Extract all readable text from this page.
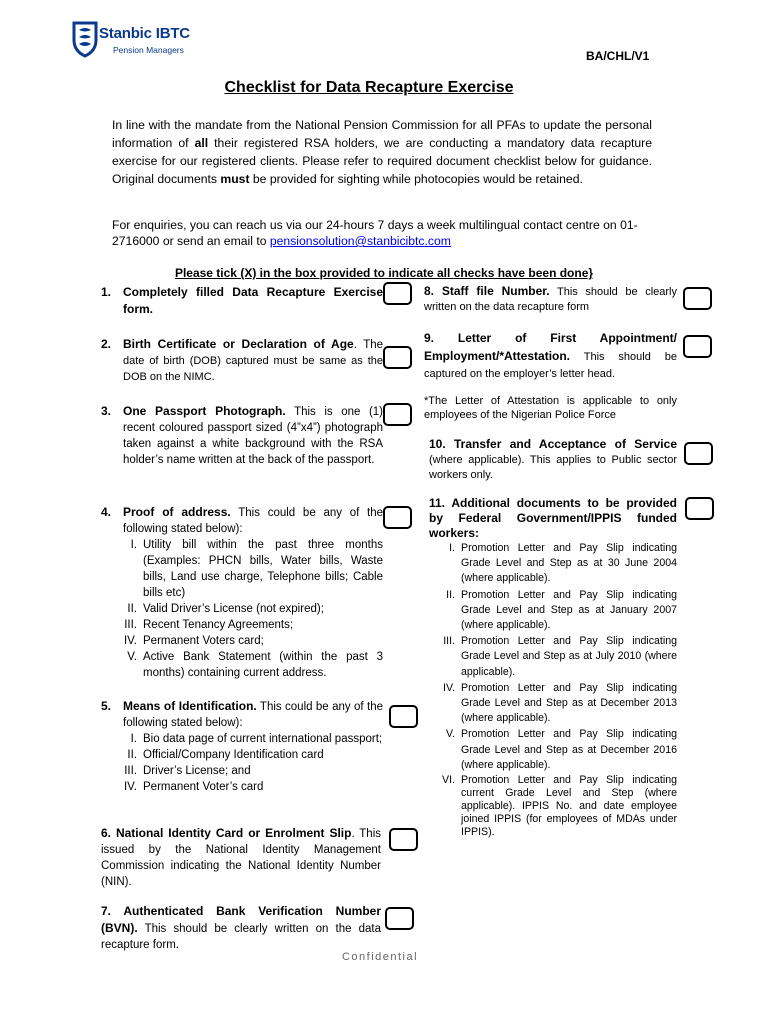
Stanbic IBTC
Pension Managers	BA/CHL/V1
Checklist for Data Recapture Exercise
In line with the mandate from the National Pension Commission for all PFAs to update the personal information of all their registered RSA holders, we are conducting a mandatory data recapture exercise for our registered clients. Please refer to required document checklist below for guidance. Original documents must be provided for sighting while photocopies would be retained.
For enquiries, you can reach us via our 24-hours 7 days a week multilingual contact centre on 01-2716000 or send an email to pensionsolution@stanbicibtc.com
Please tick (X) in the box provided to indicate all checks have been done}
1. Completely filled Data Recapture Exercise form.
2. Birth Certificate or Declaration of Age. The date of birth (DOB) captured must be same as the DOB on the NIMC.
3. One Passport Photograph. This is one (1) recent coloured passport sized (4”x4”) photograph taken against a white background with the RSA holder’s name written at the back of the passport.
4. Proof of address. This could be any of the following stated below):
I. Utility bill within the past three months (Examples: PHCN bills, Water bills, Waste bills, Land use charge, Telephone bills; Cable bills etc)
II. Valid Driver’s License (not expired);
III. Recent Tenancy Agreements;
IV. Permanent Voters card;
V. Active Bank Statement (within the past 3 months) containing current address.
5. Means of Identification. This could be any of the following stated below):
I. Bio data page of current international passport;
II. Official/Company Identification card
III. Driver’s License; and
IV. Permanent Voter’s card
6. National Identity Card or Enrolment Slip. This issued by the National Identity Management Commission indicating the National Identity Number (NIN).
7. Authenticated Bank Verification Number (BVN). This should be clearly written on the data recapture form.
8. Staff file Number. This should be clearly written on the data recapture form
9. Letter of First Appointment/ Employment/*Attestation. This should be captured on the employer’s letter head.
*The Letter of Attestation is applicable to only employees of the Nigerian Police Force
10. Transfer and Acceptance of Service (where applicable). This applies to Public sector workers only.
11. Additional documents to be provided by Federal Government/IPPIS funded workers:
I. Promotion Letter and Pay Slip indicating Grade Level and Step as at 30 June 2004 (where applicable).
II. Promotion Letter and Pay Slip indicating Grade Level and Step as at January 2007 (where applicable).
III. Promotion Letter and Pay Slip indicating Grade Level and Step as at July 2010 (where applicable).
IV. Promotion Letter and Pay Slip indicating Grade Level and Step as at December 2013 (where applicable).
V. Promotion Letter and Pay Slip indicating Grade Level and Step as at December 2016 (where applicable).
VI. Promotion Letter and Pay Slip indicating current Grade Level and Step (where applicable). IPPIS No. and date employee joined IPPIS (for employees of MDAs under IPPIS).
Confidential
